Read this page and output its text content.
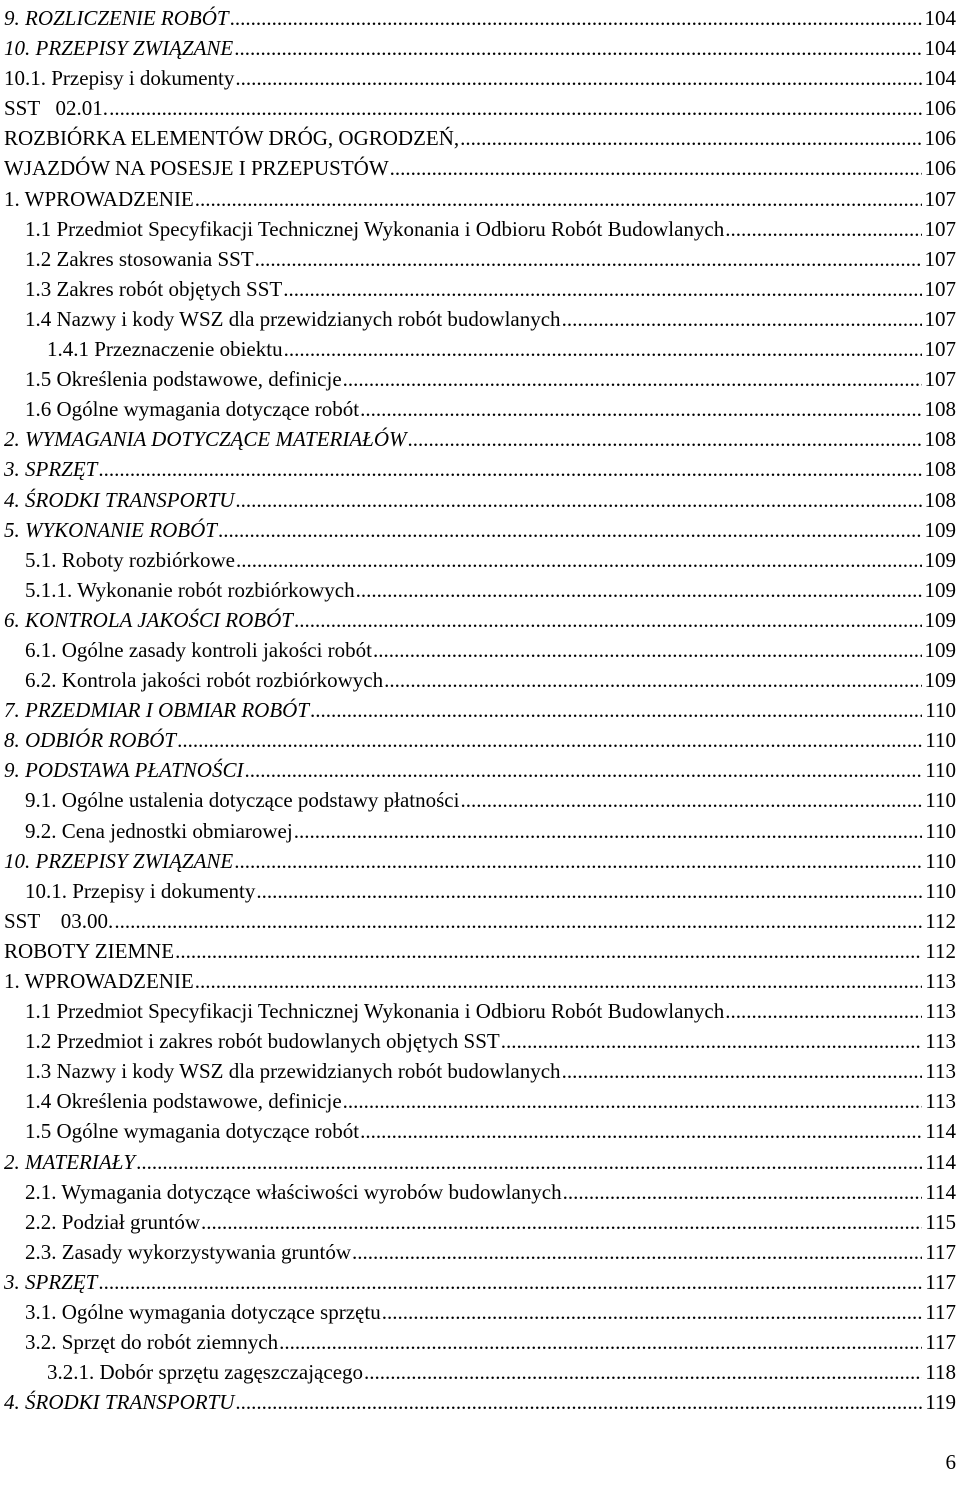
9. ROZLICZENIE ROBÓT .....	104
10. PRZEPISY ZWIĄZANE .....	104
10.1. Przepisy i dokumenty .....	104
SST   02.01. .....	106
ROZBIÓRKA ELEMENTÓW DRÓG, OGRODZEŃ, .....	106
WJAZDÓW NA POSESJE I PRZEPUSTÓW .....	106
1. WPROWADZENIE .....	107
1.1 Przedmiot Specyfikacji Technicznej Wykonania i Odbioru Robót Budowlanych .....	107
1.2 Zakres stosowania SST .....	107
1.3 Zakres robót objętych SST .....	107
1.4 Nazwy i kody WSZ dla przewidzianych robót budowlanych .....	107
1.4.1 Przeznaczenie obiektu .....	107
1.5 Określenia podstawowe, definicje .....	107
1.6 Ogólne wymagania dotyczące robót .....	108
2. WYMAGANIA DOTYCZĄCE MATERIAŁÓW .....	108
3. SPRZĘT .....	108
4. ŚRODKI TRANSPORTU .....	108
5. WYKONANIE ROBÓT .....	109
5.1. Roboty rozbiórkowe .....	109
5.1.1. Wykonanie robót rozbiórkowych .....	109
6. KONTROLA JAKOŚCI ROBÓT .....	109
6.1. Ogólne zasady kontroli jakości robót .....	109
6.2. Kontrola jakości robót rozbiórkowych .....	109
7. PRZEDMIAR I OBMIAR ROBÓT .....	110
8. ODBIÓR ROBÓT .....	110
9. PODSTAWA PŁATNOŚCI .....	110
9.1. Ogólne ustalenia dotyczące podstawy płatności .....	110
9.2. Cena jednostki obmiarowej .....	110
10. PRZEPISY ZWIĄZANE .....	110
10.1. Przepisy i dokumenty .....	110
SST    03.00. .....	112
ROBOTY ZIEMNE .....	112
1. WPROWADZENIE .....	113
1.1 Przedmiot Specyfikacji Technicznej Wykonania i Odbioru Robót Budowlanych .....	113
1.2 Przedmiot i zakres robót budowlanych objętych SST .....	113
1.3 Nazwy i kody WSZ dla przewidzianych robót budowlanych .....	113
1.4 Określenia podstawowe, definicje .....	113
1.5 Ogólne wymagania dotyczące robót .....	114
2. MATERIAŁY .....	114
2.1. Wymagania dotyczące właściwości wyrobów budowlanych .....	114
2.2. Podział gruntów .....	115
2.3. Zasady wykorzystywania gruntów .....	117
3. SPRZĘT .....	117
3.1. Ogólne wymagania dotyczące sprzętu .....	117
3.2. Sprzęt do robót ziemnych .....	117
3.2.1. Dobór sprzętu zagęszczającego .....	118
4. ŚRODKI TRANSPORTU .....	119
6
